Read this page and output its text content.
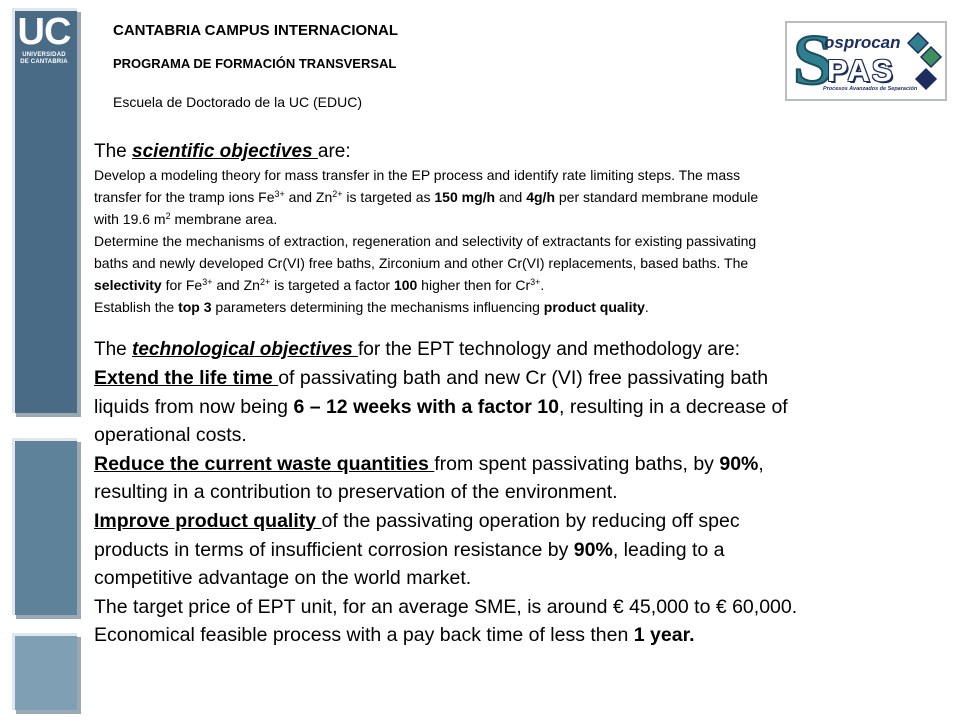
UC
UNIVERSIDAD
DE CANTABRIA
CANTABRIA CAMPUS INTERNACIONAL
PROGRAMA DE FORMACIÓN TRANSVERSAL
Escuela de Doctorado de la UC (EDUC)
S
osprocan
PAS
Procesos Avanzados de Separación
The scientific objectives are:
Develop a modeling theory for mass transfer in the EP process and identify rate limiting steps. The mass
transfer for the tramp ions $Fe^{3+}$ and $Zn^{2+}$ is targeted as 150 mg/h and 4g/h per standard membrane module
with 19.6 $m^2$ membrane area.
Determine the mechanisms of extraction, regeneration and selectivity of extractants for existing passivating
baths and newly developed Cr(VI) free baths, Zirconium and other Cr(VI) replacements, based baths. The
selectivity for $Fe^{3+}$ and $Zn^{2+}$ is targeted a factor 100 higher then for $Cr^{3+}$.
Establish the top 3 parameters determining the mechanisms influencing product quality.
The technological objectives for the EPT technology and methodology are:
Extend the life time of passivating bath and new Cr (VI) free passivating bath
liquids from now being 6 – 12 weeks with a factor 10, resulting in a decrease of
operational costs.
Reduce the current waste quantities from spent passivating baths, by 90%,
resulting in a contribution to preservation of the environment.
Improve product quality of the passivating operation by reducing off spec
products in terms of insufficient corrosion resistance by 90%, leading to a
competitive advantage on the world market.
The target price of EPT unit, for an average SME, is around € 45,000 to € 60,000.
Economical feasible process with a pay back time of less then 1 year.
